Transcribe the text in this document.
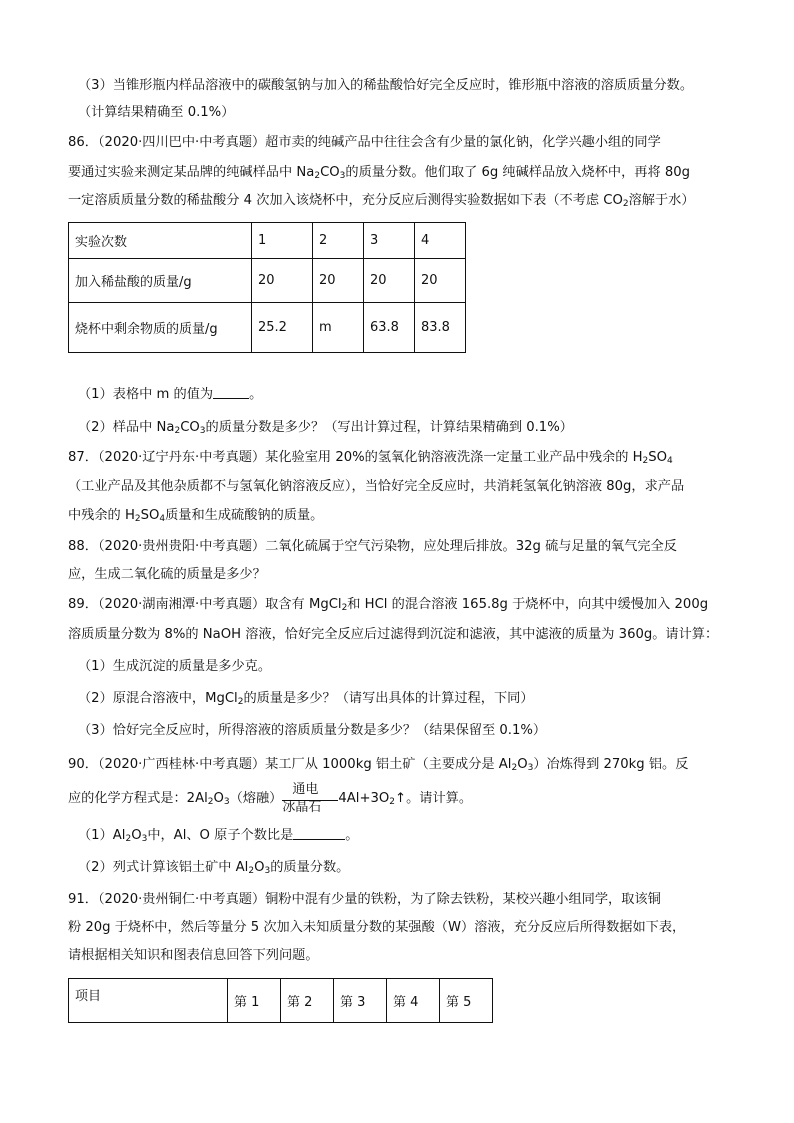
（3）当锥形瓶内样品溶液中的碳酸氢钠与加入的稀盐酸恰好完全反应时，锥形瓶中溶液的溶质质量分数。
（计算结果精确至 0.1%）
86．（2020·四川巴中·中考真题）超市卖的纯碱产品中往往会含有少量的氯化钠，化学兴趣小组的同学
要通过实验来测定某品牌的纯碱样品中 $Na_2CO_3$的质量分数。他们取了 6g 纯碱样品放入烧杯中，再将 80g
一定溶质质量分数的稀盐酸分 4 次加入该烧杯中，充分反应后测得实验数据如下表（不考虑 $CO_2$溶解于水）
实验次数	1	2	3	4
加入稀盐酸的质量/g	20	20	20	20
烧杯中剩余物质的质量/g	25.2	m	63.8	83.8
（1）表格中 m 的值为	。
（2）样品中 $Na_2CO_3$的质量分数是多少？（写出计算过程，计算结果精确到 0.1%）
87．（2020·辽宁丹东·中考真题）某化验室用 20%的氢氧化钠溶液洗涤一定量工业产品中残余的 $H_2SO_4$
（工业产品及其他杂质都不与氢氧化钠溶液反应），当恰好完全反应时，共消耗氢氧化钠溶液 80g，求产品
中残余的 $H_2SO_4$质量和生成硫酸钠的质量。
88．（2020·贵州贵阳·中考真题）二氧化硫属于空气污染物，应处理后排放。32g 硫与足量的氧气完全反
应，生成二氧化硫的质量是多少？
89．（2020·湖南湘潭·中考真题）取含有 MgCl$_2$和 HCl 的混合溶液 165.8g 于烧杯中，向其中缓慢加入 200g
溶质质量分数为 8%的 NaOH 溶液，恰好完全反应后过滤得到沉淀和滤液，其中滤液的质量为 360g。请计算：
（1）生成沉淀的质量是多少克。
（2）原混合溶液中，MgCl$_2$的质量是多少？（请写出具体的计算过程，下同）
（3）恰好完全反应时，所得溶液的溶质质量分数是多少？（结果保留至 0.1%）
90．（2020·广西桂林·中考真题）某工厂从 1000kg 铝土矿（主要成分是 $Al_2O_3$）冶炼得到 270kg 铝。反
应的化学方程式是：$2Al_2O_3$（熔融）
通电
冰晶石
$4Al+3O_2↑$。请计算。
$(1)Al_2O_3$中，Al、O 原子个数比是	。
（2）列式计算该铝土矿中 $Al_2O_3$的质量分数。
91．（2020·贵州铜仁·中考真题）铜粉中混有少量的铁粉，为了除去铁粉，某校兴趣小组同学，取该铜
粉 20g 于烧杯中，然后等量分 5 次加入未知质量分数的某强酸（W）溶液，充分反应后所得数据如下表，
请根据相关知识和图表信息回答下列问题。
项目	第 1	第 2	第 3	第 4	第 5
